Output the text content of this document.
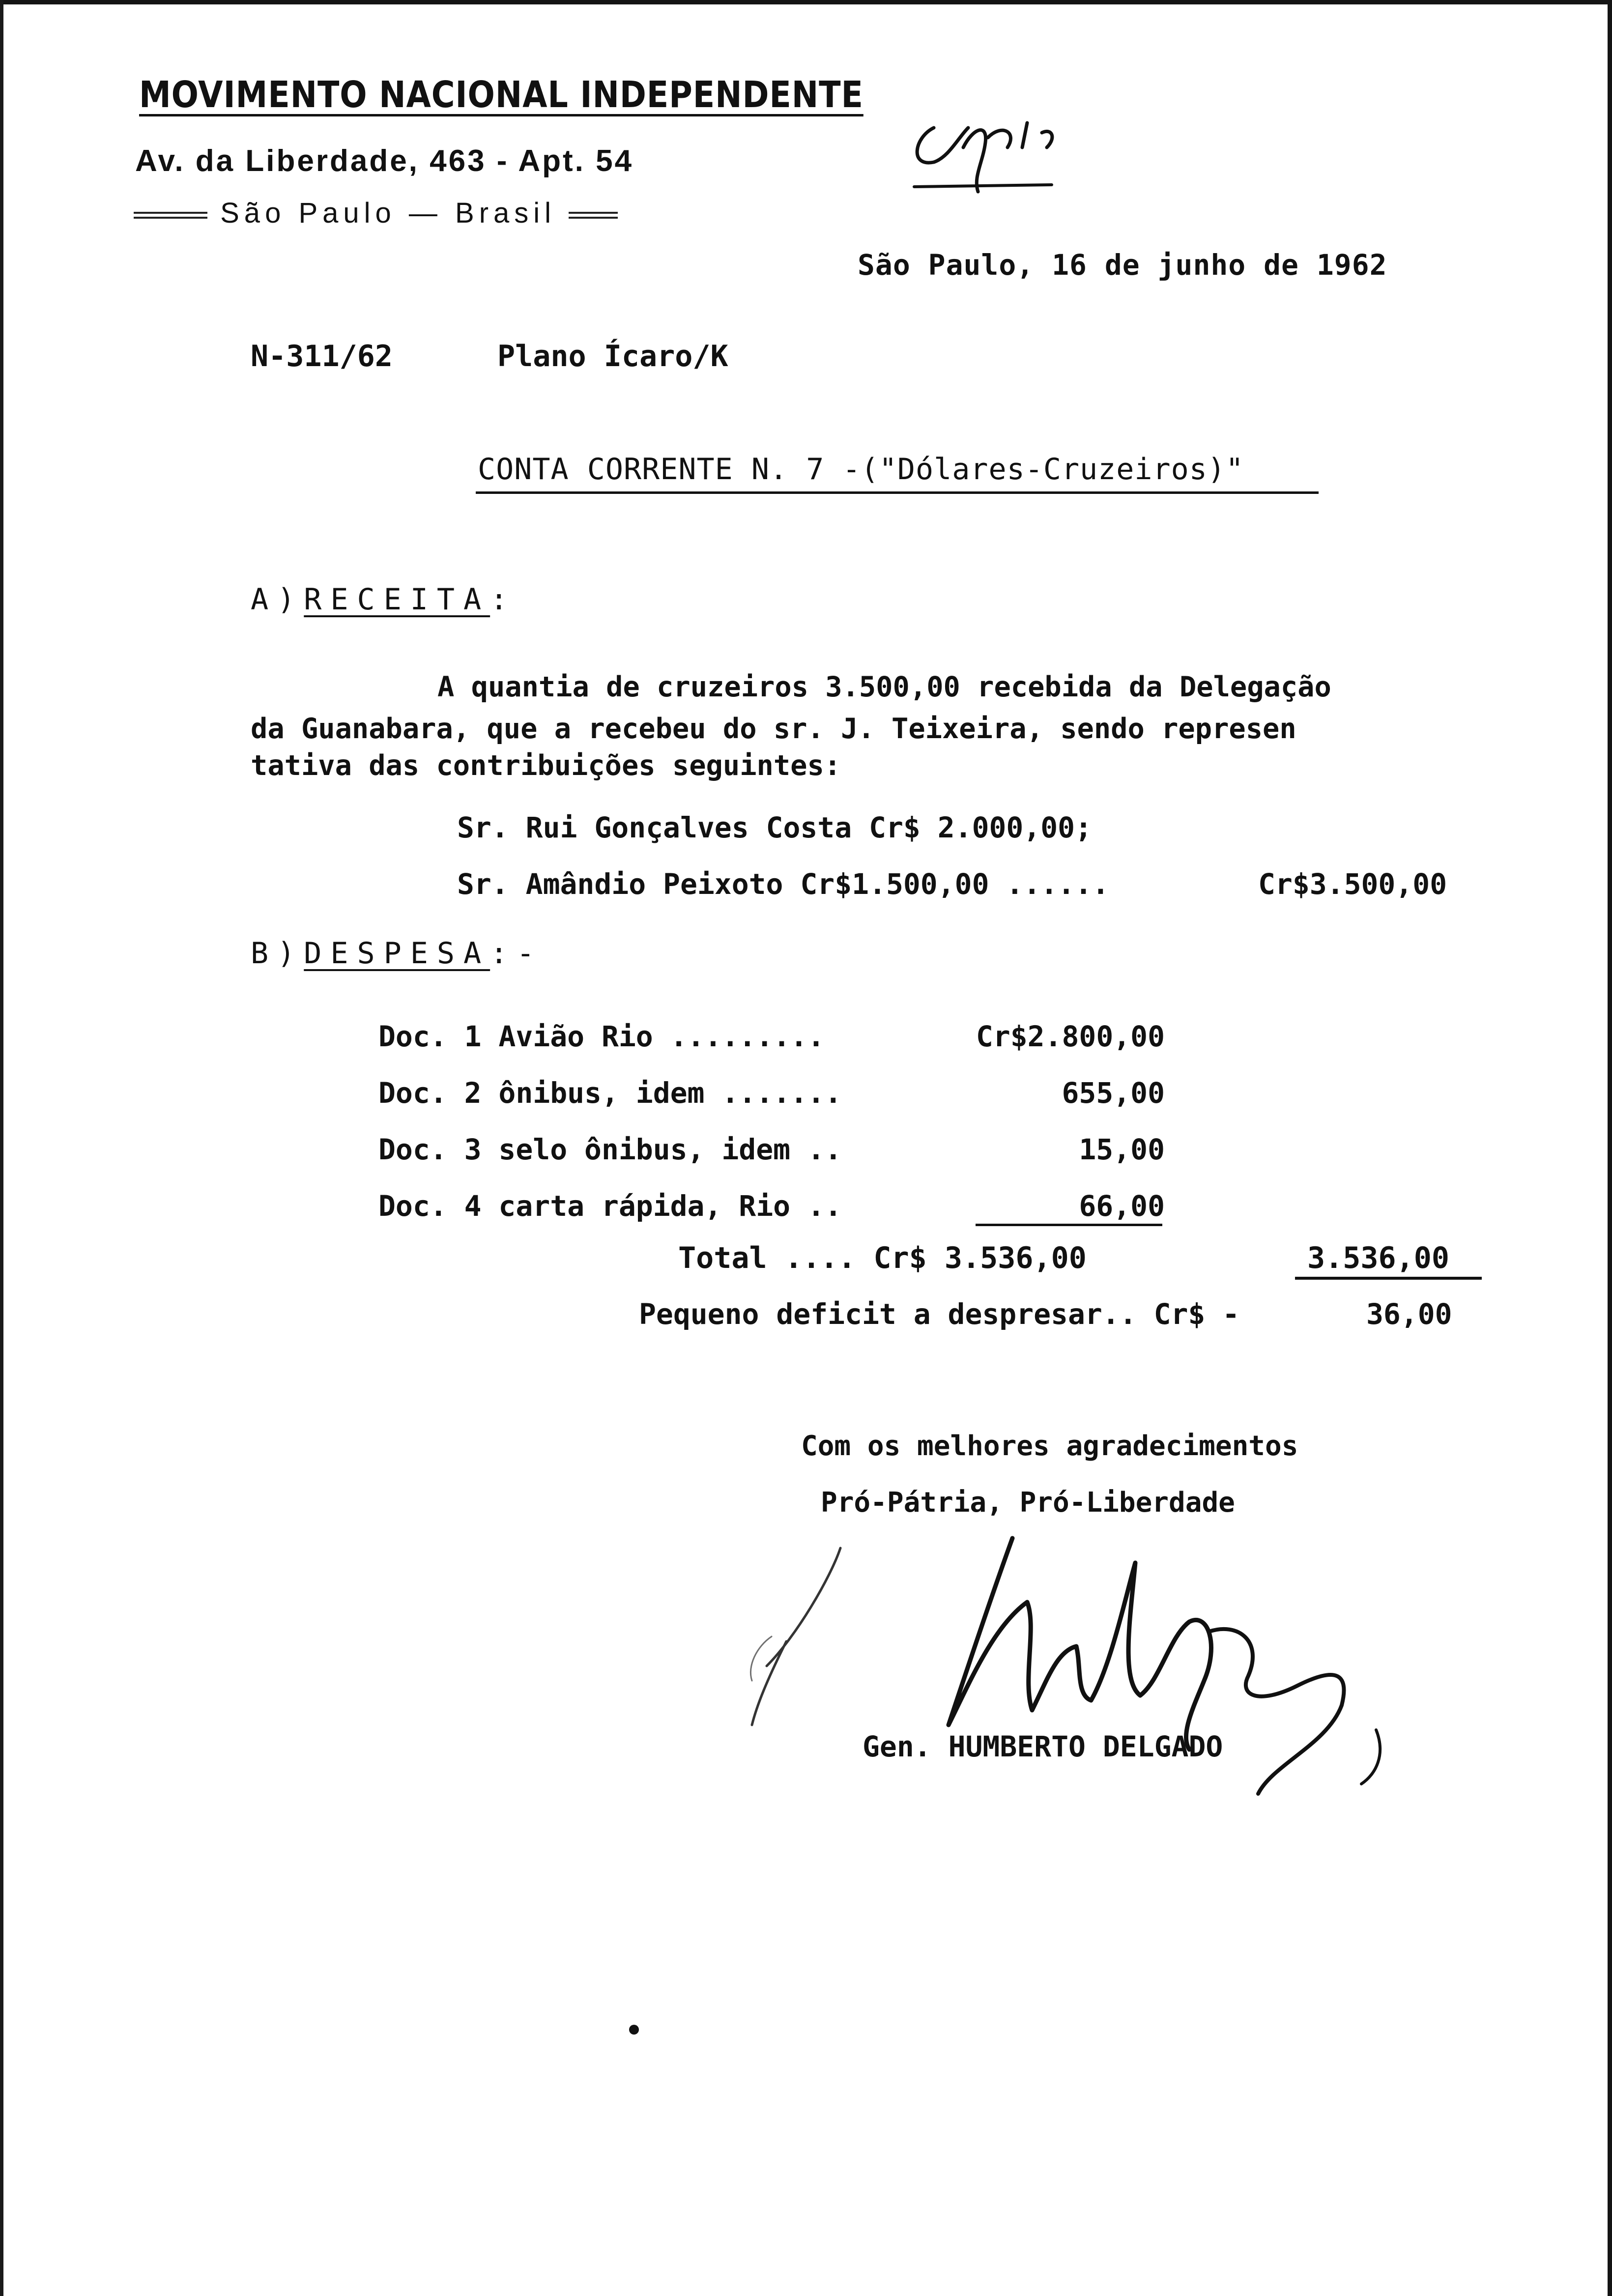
MOVIMENTO NACIONAL INDEPENDENTE
Av. da Liberdade, 463 - Apt. 54
São Paulo — Brasil
São Paulo, 16 de junho de 1962
N-311/62	Plano Ícaro/K
CONTA CORRENTE N. 7 -("Dólares-Cruzeiros)"
A)RECEITA:
A quantia de cruzeiros 3.500,00 recebida da Delegação
da Guanabara, que a recebeu do sr. J. Teixeira, sendo represen
tativa das contribuições seguintes:
Sr. Rui Gonçalves Costa Cr$ 2.000,00;
Sr. Amândio Peixoto Cr$1.500,00 ......	Cr$3.500,00
B)DESPESA:-
Doc. 1 Avião Rio .........	Cr$2.800,00
Doc. 2 ônibus, idem .......	655,00
Doc. 3 selo ônibus, idem ..	15,00
Doc. 4 carta rápida, Rio ..	66,00
Total .... Cr$ 3.536,00	3.536,00
Pequeno deficit a despresar.. Cr$ -	36,00
Com os melhores agradecimentos
Pró-Pátria, Pró-Liberdade
Gen. HUMBERTO DELGADO
